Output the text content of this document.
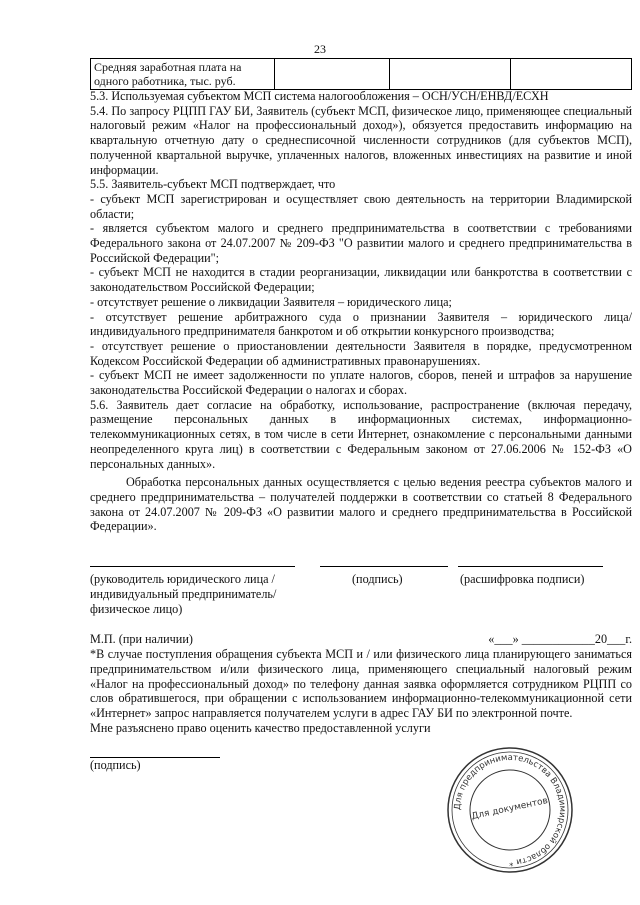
23
Средняя заработная плата на одного работника, тыс. руб.			

5.3. Используемая субъектом МСП система налогообложения – ОСН/УСН/ЕНВД/ЕСХН

5.4. По запросу РЦПП ГАУ БИ, Заявитель (субъект МСП, физическое лицо, применяющее специальный налоговый режим «Налог на профессиональный доход»), обязуется предоставить информацию на квартальную отчетную дату о среднесписочной численности сотрудников (для субъектов МСП), полученной квартальной выручке, уплаченных налогов, вложенных инвестициях на развитие и иной информации.

5.5. Заявитель-субъект МСП подтверждает, что

- субъект МСП зарегистрирован и осуществляет свою деятельность на территории Владимирской области;

- является субъектом малого и среднего предпринимательства в соответствии с требованиями Федерального закона от 24.07.2007 № 209-ФЗ "О развитии малого и среднего предпринимательства в Российской Федерации";

- субъект МСП не находится в стадии реорганизации, ликвидации или банкротства в соответствии с законодательством Российской Федерации;

- отсутствует решение о ликвидации Заявителя – юридического лица;

- отсутствует решение арбитражного суда о признании Заявителя – юридического лица/индивидуального предпринимателя банкротом и об открытии конкурсного производства;

- отсутствует решение о приостановлении деятельности Заявителя в порядке, предусмотренном Кодексом Российской Федерации об административных правонарушениях.

- субъект МСП не имеет задолженности по уплате налогов, сборов, пеней и штрафов за нарушение законодательства Российской Федерации о налогах и сборах.

5.6. Заявитель дает согласие на обработку, использование, распространение (включая передачу, размещение персональных данных в информационных системах, информационно-телекоммуникационных сетях, в том числе в сети Интернет, ознакомление с персональными данными неопределенного круга лиц) в соответствии с Федеральным законом от 27.06.2006 № 152-ФЗ «О персональных данных».

Обработка персональных данных осуществляется с целью ведения реестра субъектов малого и среднего предпринимательства – получателей поддержки в соответствии со статьей 8 Федерального закона от 24.07.2007 № 209-ФЗ «О развитии малого и среднего предпринимательства в Российской Федерации».

(руководитель юридического лица /индивидуальный предприниматель/ физическое лицо)
(подпись)	(расшифровка подписи)
М.П. (при наличии)	«___» ____________20___г.

*В случае поступления обращения субъекта МСП и / или физического лица планирующего заниматься предпринимательством и/или физического лица, применяющего специальный налоговый режим «Налог на профессиональный доход» по телефону данная заявка оформляется сотрудником РЦПП со слов обратившегося, при обращении с использованием информационно-телекоммуникационной сети «Интернет» запрос направляется получателем услуги в адрес ГАУ БИ по электронной почте.

Мне разъяснено право оценить качество предоставленной услуги

(подпись)

Для предпринимательства Владимирской области *
Для документов
